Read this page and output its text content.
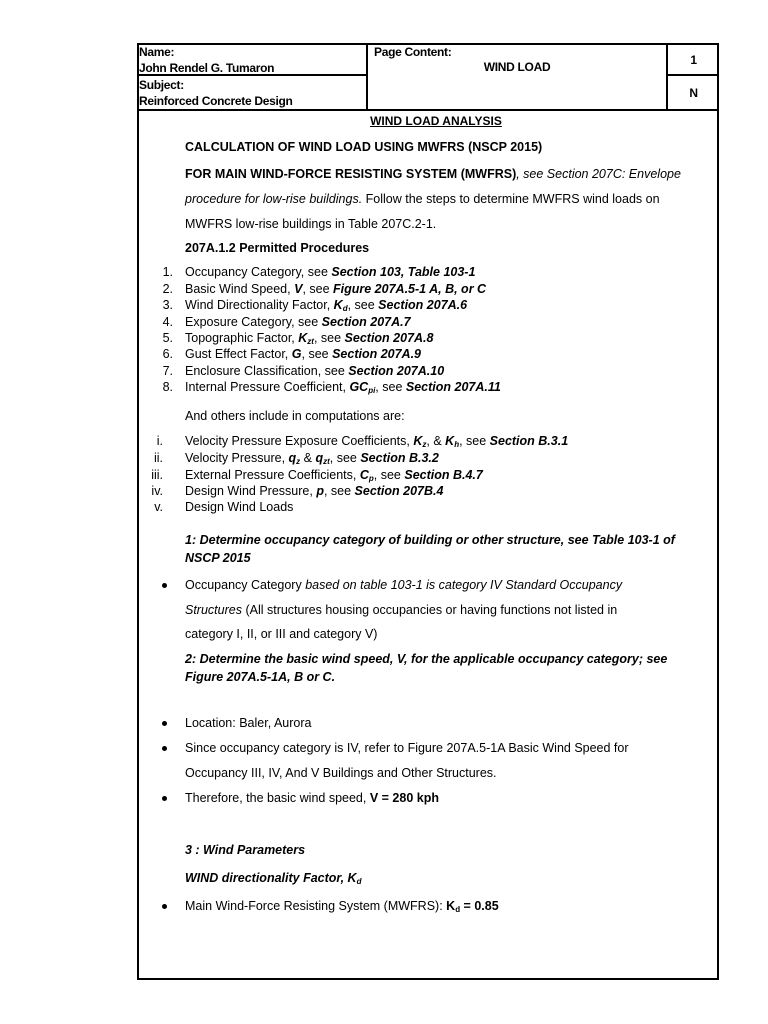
Name:
John Rendel G. Tumaron
Subject:
Reinforced Concrete Design
Page Content:
WIND LOAD	1
N
WIND LOAD ANALYSIS
CALCULATION OF WIND LOAD USING MWFRS (NSCP 2015)
FOR MAIN WIND-FORCE RESISTING SYSTEM (MWFRS), see Section 207C: Envelope
procedure for low-rise buildings. Follow the steps to determine MWFRS wind loads on
MWFRS low-rise buildings in Table 207C.2-1.
207A.1.2 Permitted Procedures
1. Occupancy Category, see Section 103, Table 103-1
2. Basic Wind Speed, V, see Figure 207A.5-1 A, B, or C
3. Wind Directionality Factor, $K_d$, see Section 207A.6
4. Exposure Category, see Section 207A.7
5. Topographic Factor, $K_{zt}$, see Section 207A.8
6. Gust Effect Factor, G, see Section 207A.9
7. Enclosure Classification, see Section 207A.10
8. Internal Pressure Coefficient, $GC_{pi}$, see Section 207A.11
And others include in computations are:
i. Velocity Pressure Exposure Coefficients, $K_z$, & $K_h$, see Section B.3.1
ii. Velocity Pressure, $q_z$ & $q_{zt}$, see Section B.3.2
iii. External Pressure Coefficients, $C_p$, see Section B.4.7
iv. Design Wind Pressure, p, see Section 207B.4
v. Design Wind Loads
1: Determine occupancy category of building or other structure, see Table 103-1 of
NSCP 2015
Occupancy Category based on table 103-1 is category IV Standard Occupancy
Structures (All structures housing occupancies or having functions not listed in
category I, II, or III and category V)
2: Determine the basic wind speed, V, for the applicable occupancy category; see
Figure 207A.5-1A, B or C.
Location: Baler, Aurora
Since occupancy category is IV, refer to Figure 207A.5-1A Basic Wind Speed for
Occupancy III, IV, And V Buildings and Other Structures.
Therefore, the basic wind speed, V = 280 kph
3 : Wind Parameters
WIND directionality Factor, $K_d$
Main Wind-Force Resisting System (MWFRS): $K_d = 0.85$
